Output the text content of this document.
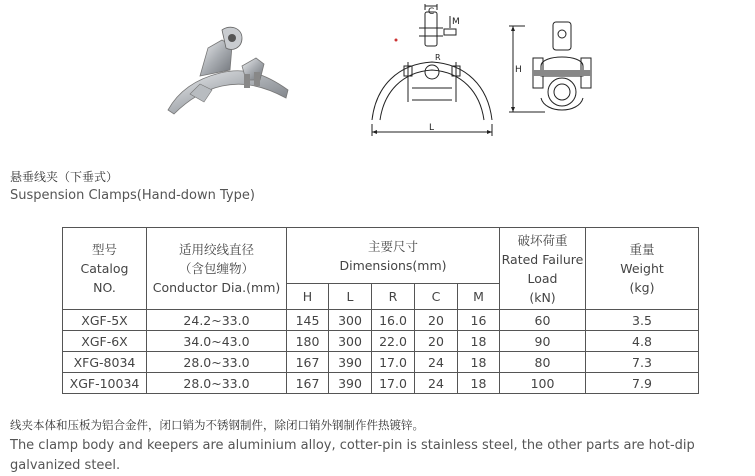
C
M
R
L
H
悬垂线夹（下垂式）
Suspension Clamps(Hand-down Type)
型号
Catalog
NO.	适用绞线直径
（含包缠物）
Conductor Dia.(mm)	主要尺寸
Dimensions(mm)					破坏荷重
Rated Failure
Load
(kN)	重量
Weight
(kg)

		H	L	R	C	M		
XGF-5X	24.2~33.0	145	300	16.0	20	16	60	3.5
XGF-6X	34.0~43.0	180	300	22.0	20	18	90	4.8
XFG-8034	28.0~33.0	167	390	17.0	24	18	80	7.3
XGF-10034	28.0~33.0	167	390	17.0	24	18	100	7.9
线夹本体和压板为铝合金件，闭口销为不锈钢制件，除闭口销外钢制作件热镀锌。
The clamp body and keepers are aluminium alloy, cotter-pin is stainless steel, the other parts are hot-dip galvanized steel.
